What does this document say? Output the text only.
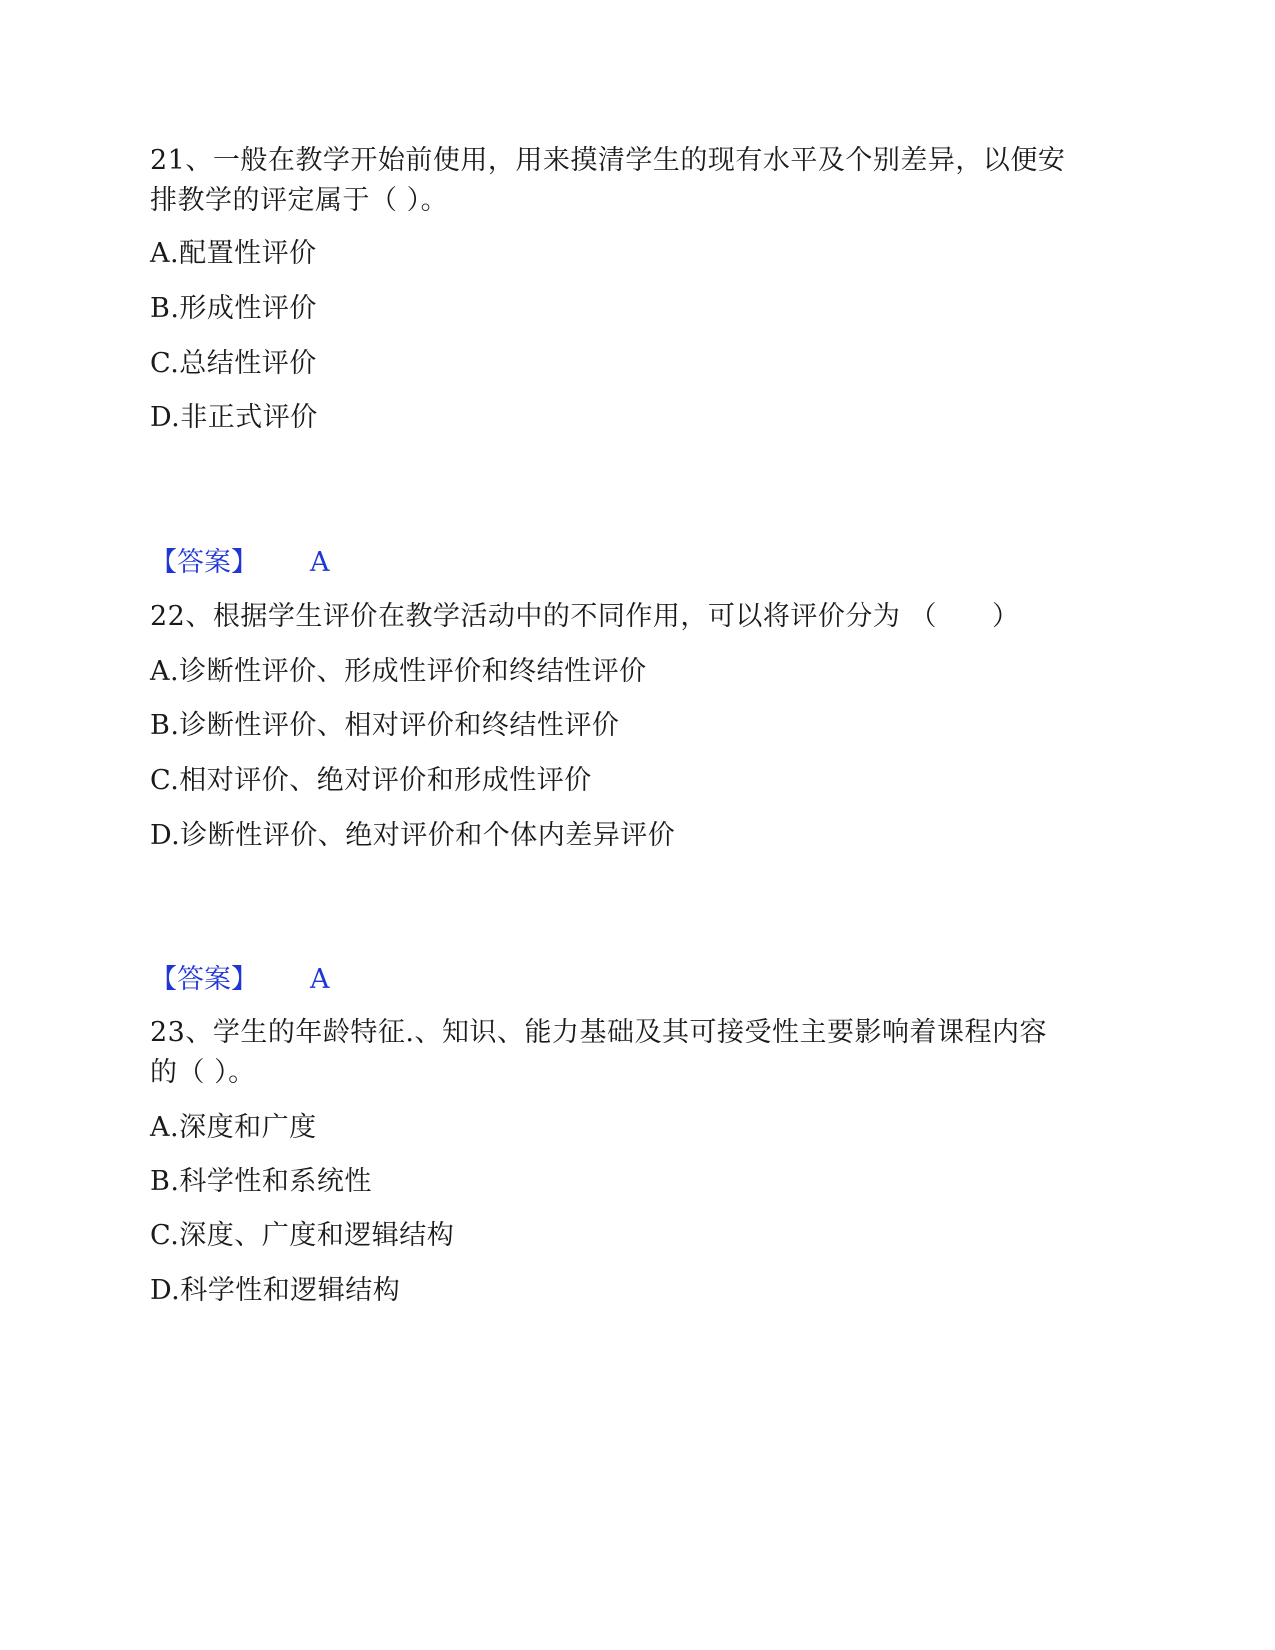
21、一般在教学开始前使用，用来摸清学生的现有水平及个别差异，以便安
排教学的评定属于（ ）。
A.配置性评价
B.形成性评价
C.总结性评价
D.非正式评价
【答案】 A
22、根据学生评价在教学活动中的不同作用，可以将评价分为 （　　）
A.诊断性评价、形成性评价和终结性评价
B.诊断性评价、相对评价和终结性评价
C.相对评价、绝对评价和形成性评价
D.诊断性评价、绝对评价和个体内差异评价
【答案】 A
23、学生的年龄特征.、知识、能力基础及其可接受性主要影响着课程内容
的（ ）。
A.深度和广度
B.科学性和系统性
C.深度、广度和逻辑结构
D.科学性和逻辑结构
